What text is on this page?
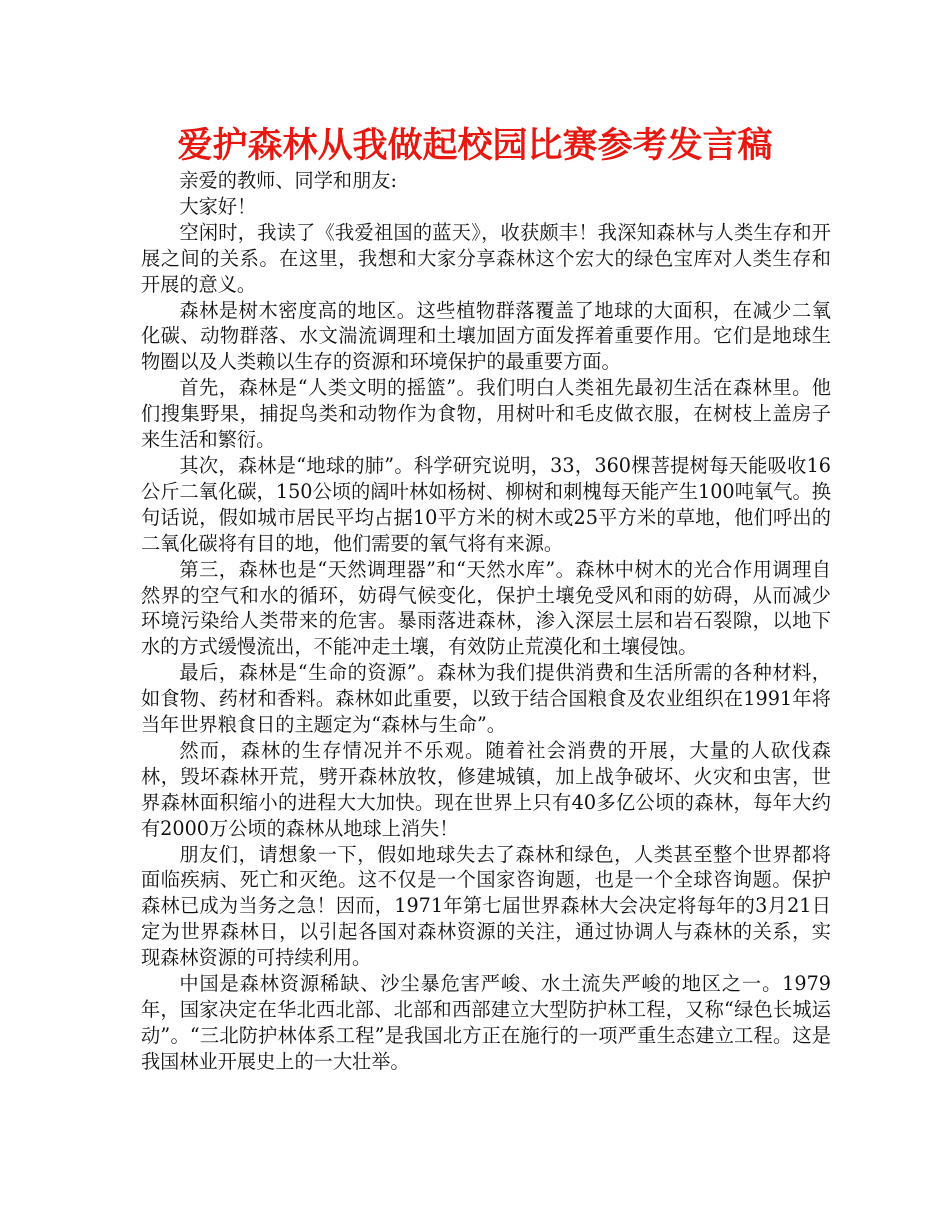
爱护森林从我做起校园比赛参考发言稿

亲爱的教师、同学和朋友:

大家好！

空闲时，我读了《我爱祖国的蓝天》，收获颇丰！我深知森林与人类生存和开展之间的关系。在这里，我想和大家分享森林这个宏大的绿色宝库对人类生存和开展的意义。

森林是树木密度高的地区。这些植物群落覆盖了地球的大面积，在减少二氧化碳、动物群落、水文湍流调理和土壤加固方面发挥着重要作用。它们是地球生物圈以及人类赖以生存的资源和环境保护的最重要方面。

首先，森林是“人类文明的摇篮”。我们明白人类祖先最初生活在森林里。他们搜集野果，捕捉鸟类和动物作为食物，用树叶和毛皮做衣服，在树枝上盖房子来生活和繁衍。

其次，森林是“地球的肺”。科学研究说明，33，360棵菩提树每天能吸收16公斤二氧化碳，150公顷的阔叶林如杨树、柳树和刺槐每天能产生100吨氧气。换句话说，假如城市居民平均占据10平方米的树木或25平方米的草地，他们呼出的二氧化碳将有目的地，他们需要的氧气将有来源。

第三，森林也是“天然调理器”和“天然水库”。森林中树木的光合作用调理自然界的空气和水的循环，妨碍气候变化，保护土壤免受风和雨的妨碍，从而减少环境污染给人类带来的危害。暴雨落进森林，渗入深层土层和岩石裂隙，以地下水的方式缓慢流出，不能冲走土壤，有效防止荒漠化和土壤侵蚀。

最后，森林是“生命的资源”。森林为我们提供消费和生活所需的各种材料，如食物、药材和香料。森林如此重要，以致于结合国粮食及农业组织在1991年将当年世界粮食日的主题定为“森林与生命”。

然而，森林的生存情况并不乐观。随着社会消费的开展，大量的人砍伐森林，毁坏森林开荒，劈开森林放牧，修建城镇，加上战争破坏、火灾和虫害，世界森林面积缩小的进程大大加快。现在世界上只有40多亿公顷的森林，每年大约有2000万公顷的森林从地球上消失！

朋友们，请想象一下，假如地球失去了森林和绿色，人类甚至整个世界都将面临疾病、死亡和灭绝。这不仅是一个国家咨询题，也是一个全球咨询题。保护森林已成为当务之急！因而，1971年第七届世界森林大会决定将每年的3月21日定为世界森林日，以引起各国对森林资源的关注，通过协调人与森林的关系，实现森林资源的可持续利用。

中国是森林资源稀缺、沙尘暴危害严峻、水土流失严峻的地区之一。1979年，国家决定在华北西北部、北部和西部建立大型防护林工程，又称“绿色长城运动”。“三北防护林体系工程”是我国北方正在施行的一项严重生态建立工程。这是我国林业开展史上的一大壮举。
